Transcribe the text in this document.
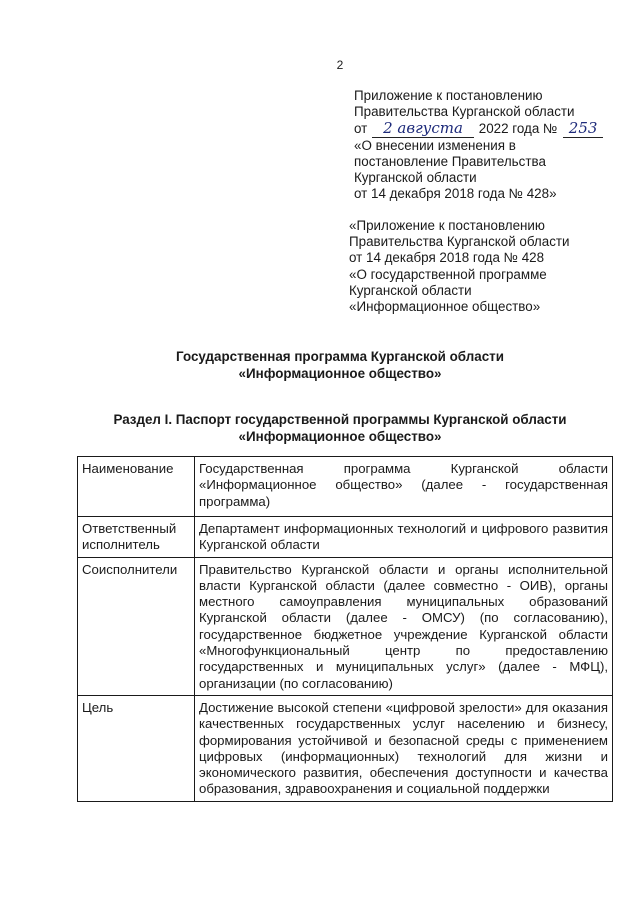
2
Приложение к постановлению
Правительства Курганской области
от 2 августа 2022 года № 253
«О внесении изменения в
постановление Правительства
Курганской области
от 14 декабря 2018 года № 428»
«Приложение к постановлению
Правительства Курганской области
от 14 декабря 2018 года № 428
«О государственной программе
Курганской области
«Информационное общество»
Государственная программа Курганской области
«Информационное общество»
Раздел I. Паспорт государственной программы Курганской области
«Информационное общество»
Наименование	Государственная программа Курганской области «Информационное общество» (далее - государственная программа)
Ответственный исполнитель	Департамент информационных технологий и цифрового развития Курганской области
Соисполнители	Правительство Курганской области и органы исполнительной власти Курганской области (далее совместно - ОИВ), органы местного самоуправления муниципальных образований Курганской области (далее - ОМСУ) (по согласованию), государственное бюджетное учреждение Курганской области «Многофункциональный центр по предоставлению государственных и муниципальных услуг» (далее - МФЦ), организации (по согласованию)
Цель	Достижение высокой степени «цифровой зрелости» для оказания качественных государственных услуг населению и бизнесу, формирования устойчивой и безопасной среды с применением цифровых (информационных) технологий для жизни и экономического развития, обеспечения доступности и качества образования, здравоохранения и социальной поддержки
